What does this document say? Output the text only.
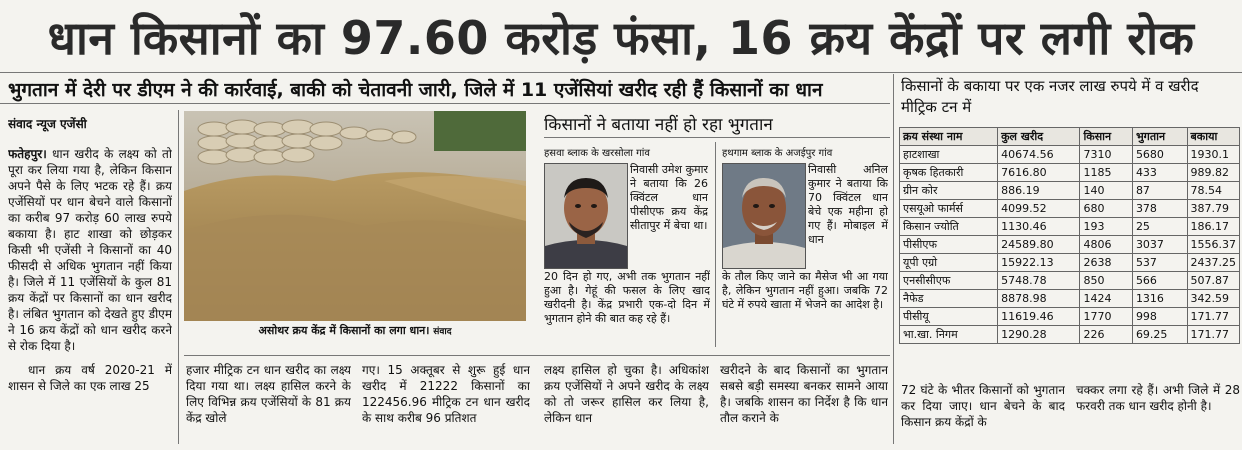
धान किसानों का 97.60 करोड़ फंसा, 16 क्रय केंद्रों पर लगी रोक
भुगतान में देरी पर डीएम ने की कार्रवाई, बाकी को चेतावनी जारी, जिले में 11 एजेंसियां खरीद रही हैं किसानों का धान
संवाद न्यूज एजेंसी
फतेहपुर। धान खरीद के लक्ष्य को तो पूरा कर लिया गया है, लेकिन किसान अपने पैसे के लिए भटक रहे हैं। क्रय एजेंसियों पर धान बेचने वाले किसानों का करीब 97 करोड़ 60 लाख रुपये बकाया है। हाट शाखा को छोड़कर किसी भी एजेंसी ने किसानों का 40 फीसदी से अधिक भुगतान नहीं किया है। जिले में 11 एजेंसियों के कुल 81 क्रय केंद्रों पर किसानों का धान खरीद है। लंबित भुगतान को देखते हुए डीएम ने 16 क्रय केंद्रों को धान खरीद करने से रोक दिया है।
धान क्रय वर्ष 2020-21 में शासन से जिले का एक लाख 25
असोथर क्रय केंद्र में किसानों का लगा धान। संवाद
हजार मीट्रिक टन धान खरीद का लक्ष्य दिया गया था। लक्ष्य हासिल करने के लिए विभिन्न क्रय एजेंसियों के 81 क्रय केंद्र खोले
गए। 15 अक्तूबर से शुरू हुई धान खरीद में 21222 किसानों का 122456.96 मीट्रिक टन धान खरीद के साथ करीब 96 प्रतिशत
लक्ष्य हासिल हो चुका है। अधिकांश क्रय एजेंसियों ने अपने खरीद के लक्ष्य को तो जरूर हासिल कर लिया है, लेकिन धान
खरीदने के बाद किसानों का भुगतान सबसे बड़ी समस्या बनकर सामने आया है। जबकि शासन का निर्देश है कि धान तौल कराने के
किसानों ने बताया नहीं हो रहा भुगतान
हसवा ब्लाक के खरसोला गांव
निवासी उमेश कुमार ने बताया कि 26 क्विंटल धान पीसीएफ क्रय केंद्र सीतापुर में बेचा था।
20 दिन हो गए, अभी तक भुगतान नहीं हुआ है। गेहूं की फसल के लिए खाद खरीदनी है। केंद्र प्रभारी एक-दो दिन में भुगतान होने की बात कह रहे हैं।
हथगाम ब्लाक के अजईपुर गांव
निवासी अनिल कुमार ने बताया कि 70 क्विंटल धान बेचे एक महीना हो गए हैं। मोबाइल में धान
के तौल किए जाने का मैसेज भी आ गया है, लेकिन भुगतान नहीं हुआ। जबकि 72 घंटे में रुपये खाता में भेजने का आदेश है।
किसानों के बकाया पर एक नजर लाख रुपये में व खरीद मीट्रिक टन में
क्रय संस्था नाम	कुल खरीद	किसान	भुगतान	बकाया
हाटशाखा	40674.56	7310	5680	1930.1
कृषक हितकारी	7616.80	1185	433	989.82
ग्रीन कोर	886.19	140	87	78.54
एसयूओ फार्मर्स	4099.52	680	378	387.79
किसान ज्योति	1130.46	193	25	186.17
पीसीएफ	24589.80	4806	3037	1556.37
यूपी एग्रो	15922.13	2638	537	2437.25
एनसीसीएफ	5748.78	850	566	507.87
नैफेड	8878.98	1424	1316	342.59
पीसीयू	11619.46	1770	998	171.77
भा.खा. निगम	1290.28	226	69.25	171.77
72 घंटे के भीतर किसानों को भुगतान कर दिया जाए। धान बेचने के बाद किसान क्रय केंद्रों के
चक्कर लगा रहे हैं। अभी जिले में 28 फरवरी तक धान खरीद होनी है।
